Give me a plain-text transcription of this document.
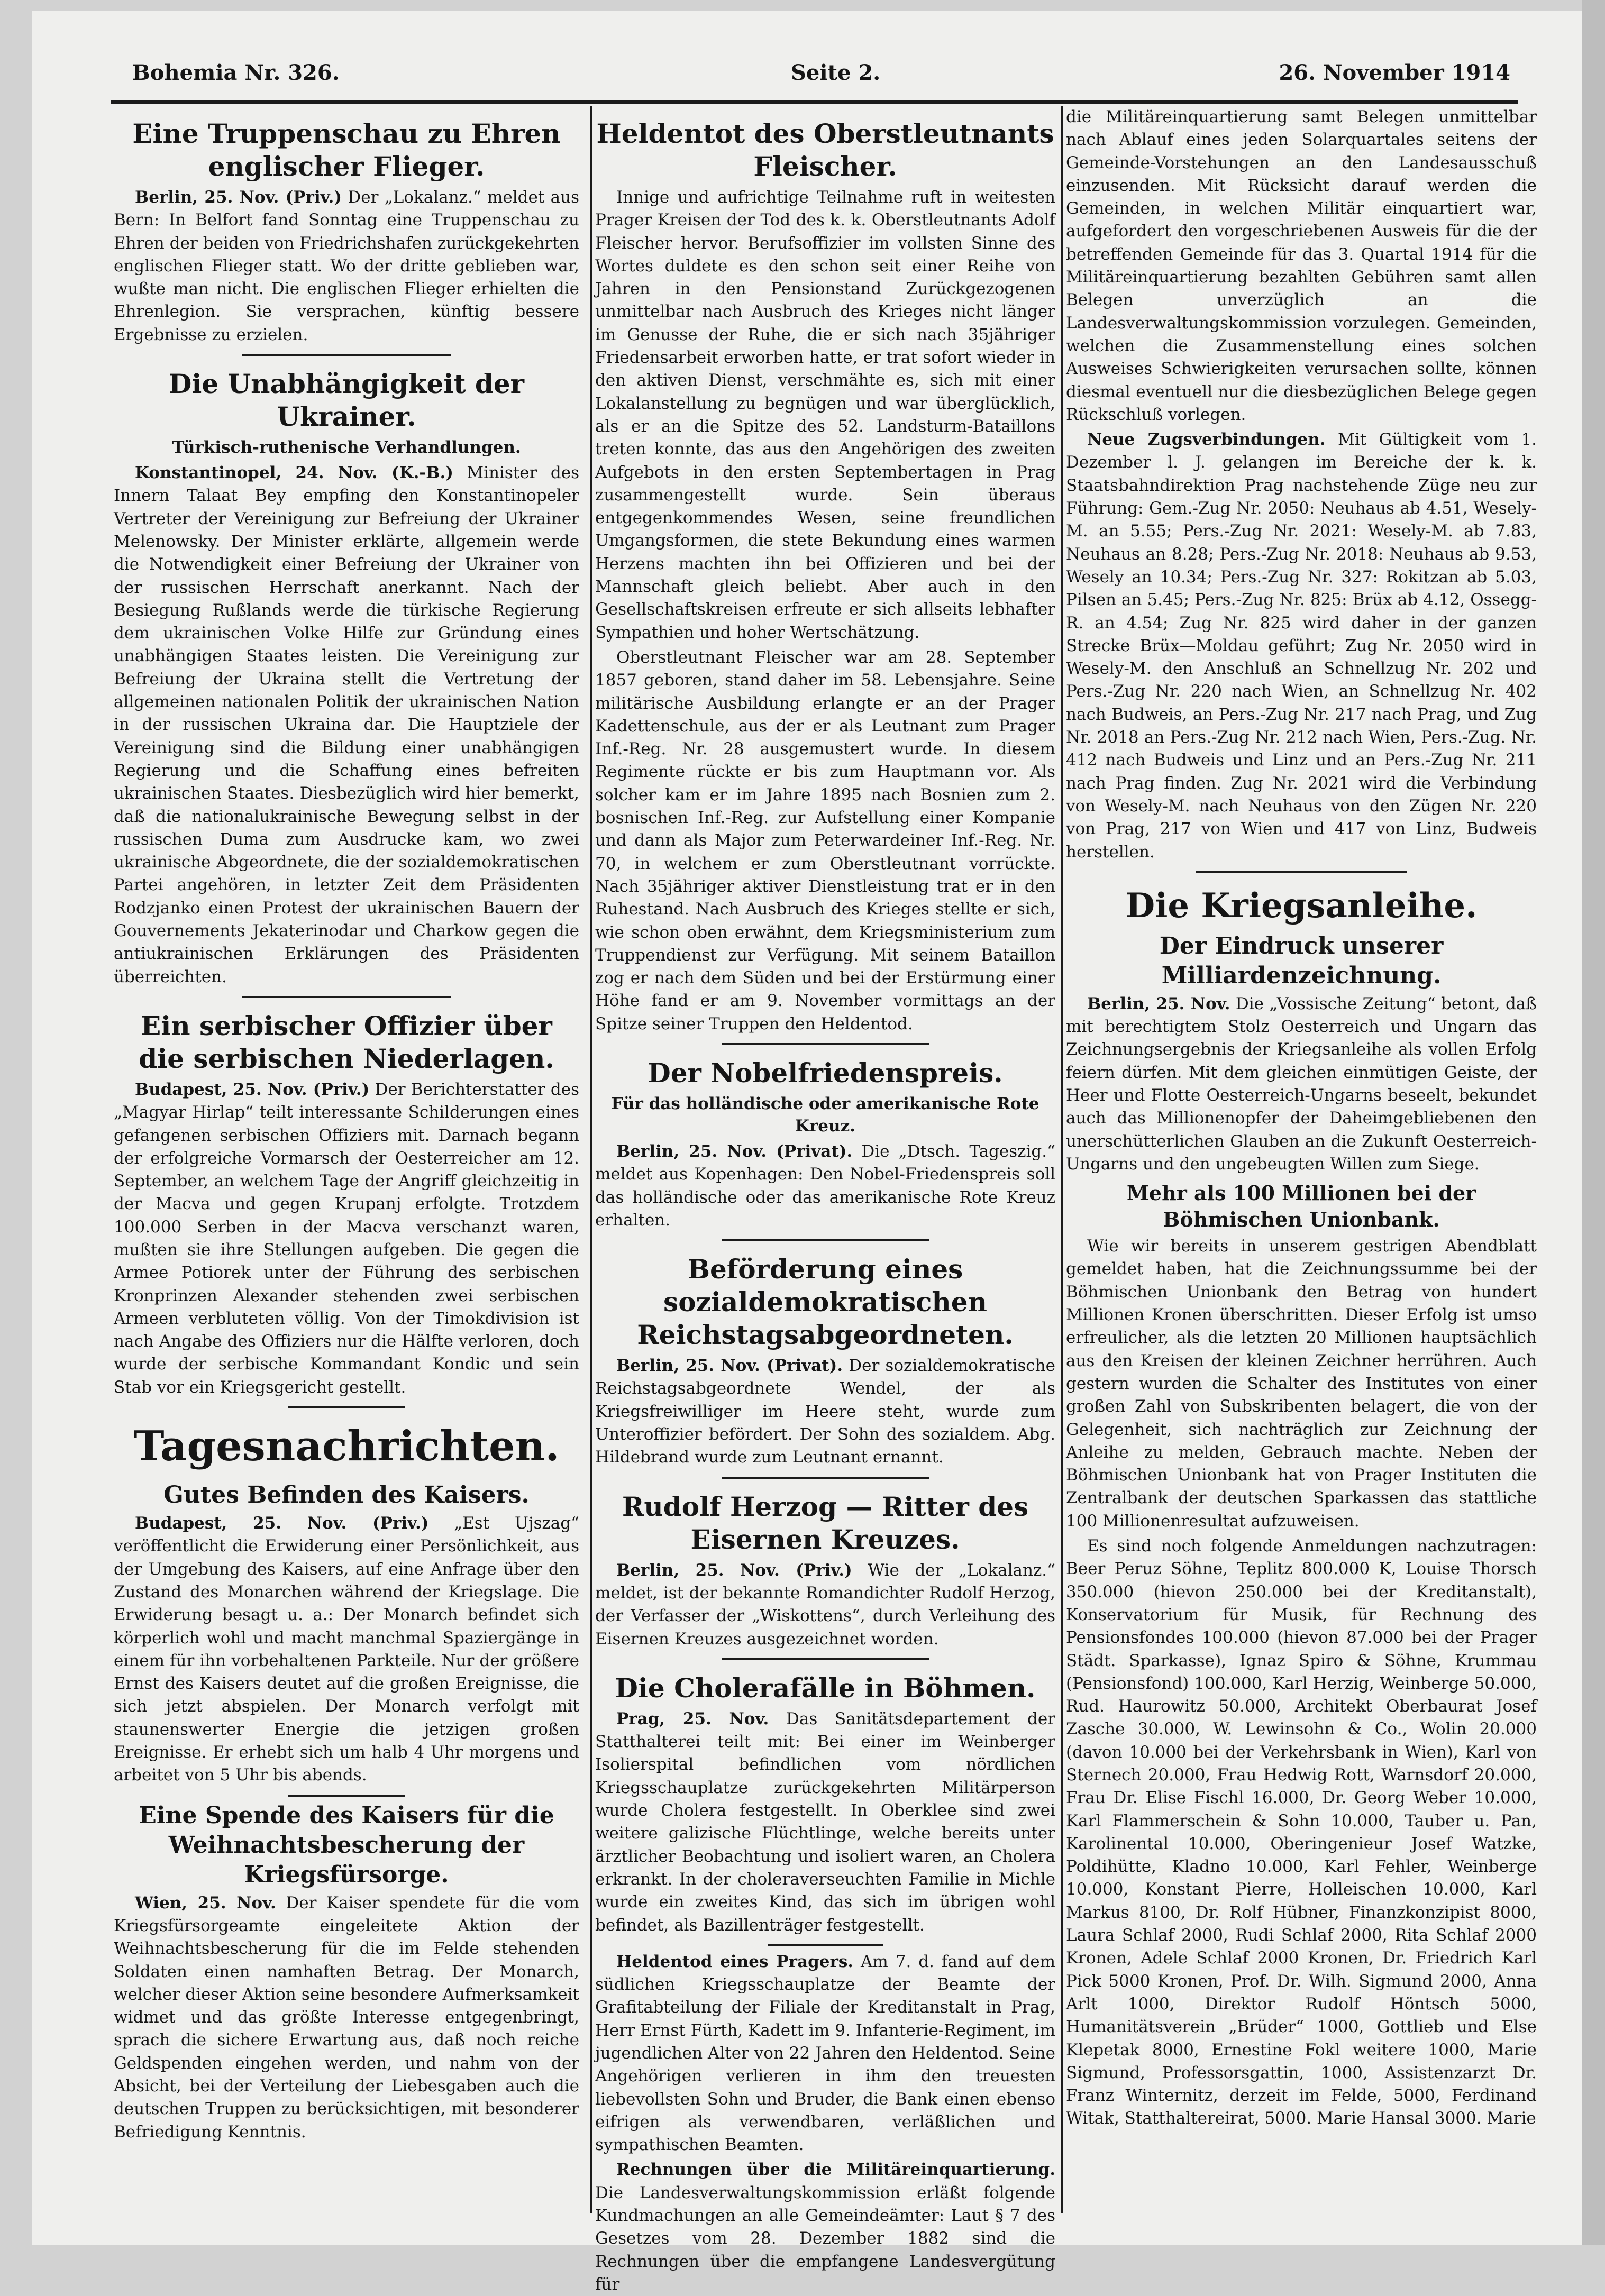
Bohemia Nr. 326.	Seite 2.	26. November 1914
Eine Truppenschau zu Ehren englischer Flieger.

Berlin, 25. Nov. (Priv.) Der „Lokalanz.“ meldet aus Bern: In Belfort fand Sonntag eine Truppenschau zu Ehren der beiden von Friedrichshafen zurückgekehrten englischen Flieger statt. Wo der dritte geblieben war, wußte man nicht. Die englischen Flieger erhielten die Ehrenlegion. Sie versprachen, künftig bessere Ergebnisse zu erzielen.

Die Unabhängigkeit der Ukrainer.
Türkisch-ruthenische Verhandlungen.

Konstantinopel, 24. Nov. (K.-B.) Minister des Innern Talaat Bey empfing den Konstantinopeler Vertreter der Vereinigung zur Befreiung der Ukrainer Melenowsky. Der Minister erklärte, allgemein werde die Notwendigkeit einer Befreiung der Ukrainer von der russischen Herrschaft anerkannt. Nach der Besiegung Rußlands werde die türkische Regierung dem ukrainischen Volke Hilfe zur Gründung eines unabhängigen Staates leisten. Die Vereinigung zur Befreiung der Ukraina stellt die Vertretung der allgemeinen nationalen Politik der ukrainischen Nation in der russischen Ukraina dar. Die Hauptziele der Vereinigung sind die Bildung einer unabhängigen Regierung und die Schaffung eines befreiten ukrainischen Staates. Diesbezüglich wird hier bemerkt, daß die nationalukrainische Bewegung selbst in der russischen Duma zum Ausdrucke kam, wo zwei ukrainische Abgeordnete, die der sozialdemokratischen Partei angehören, in letzter Zeit dem Präsidenten Rodzjanko einen Protest der ukrainischen Bauern der Gouvernements Jekaterinodar und Charkow gegen die antiukrainischen Erklärungen des Präsidenten überreichten.

Ein serbischer Offizier über die serbischen Niederlagen.

Budapest, 25. Nov. (Priv.) Der Berichterstatter des „Magyar Hirlap“ teilt interessante Schilderungen eines gefangenen serbischen Offiziers mit. Darnach begann der erfolgreiche Vormarsch der Oesterreicher am 12. September, an welchem Tage der Angriff gleichzeitig in der Macva und gegen Krupanj erfolgte. Trotzdem 100.000 Serben in der Macva verschanzt waren, mußten sie ihre Stellungen aufgeben. Die gegen die Armee Potiorek unter der Führung des serbischen Kronprinzen Alexander stehenden zwei serbischen Armeen verbluteten völlig. Von der Timokdivision ist nach Angabe des Offiziers nur die Hälfte verloren, doch wurde der serbische Kommandant Kondic und sein Stab vor ein Kriegsgericht gestellt.

Tagesnachrichten.
Gutes Befinden des Kaisers.

Budapest, 25. Nov. (Priv.) „Est Ujszag“ veröffentlicht die Erwiderung einer Persönlichkeit, aus der Umgebung des Kaisers, auf eine Anfrage über den Zustand des Monarchen während der Kriegslage. Die Erwiderung besagt u. a.: Der Monarch befindet sich körperlich wohl und macht manchmal Spaziergänge in einem für ihn vorbehaltenen Parkteile. Nur der größere Ernst des Kaisers deutet auf die großen Ereignisse, die sich jetzt abspielen. Der Monarch verfolgt mit staunenswerter Energie die jetzigen großen Ereignisse. Er erhebt sich um halb 4 Uhr morgens und arbeitet von 5 Uhr bis abends.

Eine Spende des Kaisers für die Weihnachtsbescherung der Kriegsfürsorge.

Wien, 25. Nov. Der Kaiser spendete für die vom Kriegsfürsorgeamte eingeleitete Aktion der Weihnachtsbescherung für die im Felde stehenden Soldaten einen namhaften Betrag. Der Monarch, welcher dieser Aktion seine besondere Aufmerksamkeit widmet und das größte Interesse entgegenbringt, sprach die sichere Erwartung aus, daß noch reiche Geldspenden eingehen werden, und nahm von der Absicht, bei der Verteilung der Liebesgaben auch die deutschen Truppen zu berücksichtigen, mit besonderer Befriedigung Kenntnis.

Heldentot des Oberstleutnants Fleischer.

Innige und aufrichtige Teilnahme ruft in weitesten Prager Kreisen der Tod des k. k. Oberstleutnants Adolf Fleischer hervor. Berufsoffizier im vollsten Sinne des Wortes duldete es den schon seit einer Reihe von Jahren in den Pensionstand Zurückgezogenen unmittelbar nach Ausbruch des Krieges nicht länger im Genusse der Ruhe, die er sich nach 35jähriger Friedensarbeit erworben hatte, er trat sofort wieder in den aktiven Dienst, verschmähte es, sich mit einer Lokalanstellung zu begnügen und war überglücklich, als er an die Spitze des 52. Landsturm-Bataillons treten konnte, das aus den Angehörigen des zweiten Aufgebots in den ersten Septembertagen in Prag zusammengestellt wurde. Sein überaus entgegenkommendes Wesen, seine freundlichen Umgangsformen, die stete Bekundung eines warmen Herzens machten ihn bei Offizieren und bei der Mannschaft gleich beliebt. Aber auch in den Gesellschaftskreisen erfreute er sich allseits lebhafter Sympathien und hoher Wertschätzung.

Oberstleutnant Fleischer war am 28. September 1857 geboren, stand daher im 58. Lebensjahre. Seine militärische Ausbildung erlangte er an der Prager Kadettenschule, aus der er als Leutnant zum Prager Inf.-Reg. Nr. 28 ausgemustert wurde. In diesem Regimente rückte er bis zum Hauptmann vor. Als solcher kam er im Jahre 1895 nach Bosnien zum 2. bosnischen Inf.-Reg. zur Aufstellung einer Kompanie und dann als Major zum Peterwardeiner Inf.-Reg. Nr. 70, in welchem er zum Oberstleutnant vorrückte. Nach 35jähriger aktiver Dienstleistung trat er in den Ruhestand. Nach Ausbruch des Krieges stellte er sich, wie schon oben erwähnt, dem Kriegsministerium zum Truppendienst zur Verfügung. Mit seinem Bataillon zog er nach dem Süden und bei der Erstürmung einer Höhe fand er am 9. November vormittags an der Spitze seiner Truppen den Heldentod.

Der Nobelfriedenspreis.
Für das holländische oder amerikanische Rote Kreuz.

Berlin, 25. Nov. (Privat). Die „Dtsch. Tageszig.“ meldet aus Kopenhagen: Den Nobel-Friedenspreis soll das holländische oder das amerikanische Rote Kreuz erhalten.

Beförderung eines sozialdemokratischen Reichstagsabgeordneten.

Berlin, 25. Nov. (Privat). Der sozialdemokratische Reichstagsabgeordnete Wendel, der als Kriegsfreiwilliger im Heere steht, wurde zum Unteroffizier befördert. Der Sohn des sozialdem. Abg. Hildebrand wurde zum Leutnant ernannt.

Rudolf Herzog — Ritter des Eisernen Kreuzes.

Berlin, 25. Nov. (Priv.) Wie der „Lokalanz.“ meldet, ist der bekannte Romandichter Rudolf Herzog, der Verfasser der „Wiskottens“, durch Verleihung des Eisernen Kreuzes ausgezeichnet worden.

Die Cholerafälle in Böhmen.

Prag, 25. Nov. Das Sanitätsdepartement der Statthalterei teilt mit: Bei einer im Weinberger Isolierspital befindlichen vom nördlichen Kriegsschauplatze zurückgekehrten Militärperson wurde Cholera festgestellt. In Oberklee sind zwei weitere galizische Flüchtlinge, welche bereits unter ärztlicher Beobachtung und isoliert waren, an Cholera erkrankt. In der choleraverseuchten Familie in Michle wurde ein zweites Kind, das sich im übrigen wohl befindet, als Bazillenträger festgestellt.

Heldentod eines Pragers. Am 7. d. fand auf dem südlichen Kriegsschauplatze der Beamte der Grafitabteilung der Filiale der Kreditanstalt in Prag, Herr Ernst Fürth, Kadett im 9. Infanterie-Regiment, im jugendlichen Alter von 22 Jahren den Heldentod. Seine Angehörigen verlieren in ihm den treuesten liebevollsten Sohn und Bruder, die Bank einen ebenso eifrigen als verwendbaren, verläßlichen und sympathischen Beamten.

Rechnungen über die Militäreinquartierung. Die Landesverwaltungskommission erläßt folgende Kundmachungen an alle Gemeindeämter: Laut § 7 des Gesetzes vom 28. Dezember 1882 sind die Rechnungen über die empfangene Landesvergütung für

die Militäreinquartierung samt Belegen unmittelbar nach Ablauf eines jeden Solarquartales seitens der Gemeinde-Vorstehungen an den Landesausschuß einzusenden. Mit Rücksicht darauf werden die Gemeinden, in welchen Militär einquartiert war, aufgefordert den vorgeschriebenen Ausweis für die der betreffenden Gemeinde für das 3. Quartal 1914 für die Militäreinquartierung bezahlten Gebühren samt allen Belegen unverzüglich an die Landesverwaltungskommission vorzulegen. Gemeinden, welchen die Zusammenstellung eines solchen Ausweises Schwierigkeiten verursachen sollte, können diesmal eventuell nur die diesbezüglichen Belege gegen Rückschluß vorlegen.

Neue Zugsverbindungen. Mit Gültigkeit vom 1. Dezember l. J. gelangen im Bereiche der k. k. Staatsbahndirektion Prag nachstehende Züge neu zur Führung: Gem.-Zug Nr. 2050: Neuhaus ab 4.51, Wesely-M. an 5.55; Pers.-Zug Nr. 2021: Wesely-M. ab 7.83, Neuhaus an 8.28; Pers.-Zug Nr. 2018: Neuhaus ab 9.53, Wesely an 10.34; Pers.-Zug Nr. 327: Rokitzan ab 5.03, Pilsen an 5.45; Pers.-Zug Nr. 825: Brüx ab 4.12, Ossegg-R. an 4.54; Zug Nr. 825 wird daher in der ganzen Strecke Brüx—Moldau geführt; Zug Nr. 2050 wird in Wesely-M. den Anschluß an Schnellzug Nr. 202 und Pers.-Zug Nr. 220 nach Wien, an Schnellzug Nr. 402 nach Budweis, an Pers.-Zug Nr. 217 nach Prag, und Zug Nr. 2018 an Pers.-Zug Nr. 212 nach Wien, Pers.-Zug. Nr. 412 nach Budweis und Linz und an Pers.-Zug Nr. 211 nach Prag finden. Zug Nr. 2021 wird die Verbindung von Wesely-M. nach Neuhaus von den Zügen Nr. 220 von Prag, 217 von Wien und 417 von Linz, Budweis herstellen.

Die Kriegsanleihe.
Der Eindruck unserer Milliardenzeichnung.

Berlin, 25. Nov. Die „Vossische Zeitung“ betont, daß mit berechtigtem Stolz Oesterreich und Ungarn das Zeichnungsergebnis der Kriegsanleihe als vollen Erfolg feiern dürfen. Mit dem gleichen einmütigen Geiste, der Heer und Flotte Oesterreich-Ungarns beseelt, bekundet auch das Millionenopfer der Daheimgebliebenen den unerschütterlichen Glauben an die Zukunft Oesterreich-Ungarns und den ungebeugten Willen zum Siege.

Mehr als 100 Millionen bei der Böhmischen Unionbank.

Wie wir bereits in unserem gestrigen Abendblatt gemeldet haben, hat die Zeichnungssumme bei der Böhmischen Unionbank den Betrag von hundert Millionen Kronen überschritten. Dieser Erfolg ist umso erfreulicher, als die letzten 20 Millionen hauptsächlich aus den Kreisen der kleinen Zeichner herrühren. Auch gestern wurden die Schalter des Institutes von einer großen Zahl von Subskribenten belagert, die von der Gelegenheit, sich nachträglich zur Zeichnung der Anleihe zu melden, Gebrauch machte. Neben der Böhmischen Unionbank hat von Prager Instituten die Zentralbank der deutschen Sparkassen das stattliche 100 Millionenresultat aufzuweisen.

Es sind noch folgende Anmeldungen nachzutragen: Beer Peruz Söhne, Teplitz 800.000 K, Louise Thorsch 350.000 (hievon 250.000 bei der Kreditanstalt), Konservatorium für Musik, für Rechnung des Pensionsfondes 100.000 (hievon 87.000 bei der Prager Städt. Sparkasse), Ignaz Spiro & Söhne, Krummau (Pensionsfond) 100.000, Karl Herzig, Weinberge 50.000, Rud. Haurowitz 50.000, Architekt Oberbaurat Josef Zasche 30.000, W. Lewinsohn & Co., Wolin 20.000 (davon 10.000 bei der Verkehrsbank in Wien), Karl von Sternech 20.000, Frau Hedwig Rott, Warnsdorf 20.000, Frau Dr. Elise Fischl 16.000, Dr. Georg Weber 10.000, Karl Flammerschein & Sohn 10.000, Tauber u. Pan, Karolinental 10.000, Oberingenieur Josef Watzke, Poldihütte, Kladno 10.000, Karl Fehler, Weinberge 10.000, Konstant Pierre, Holleischen 10.000, Karl Markus 8100, Dr. Rolf Hübner, Finanzkonzipist 8000, Laura Schlaf 2000, Rudi Schlaf 2000, Rita Schlaf 2000 Kronen, Adele Schlaf 2000 Kronen, Dr. Friedrich Karl Pick 5000 Kronen, Prof. Dr. Wilh. Sigmund 2000, Anna Arlt 1000, Direktor Rudolf Höntsch 5000, Humanitätsverein „Brüder“ 1000, Gottlieb und Else Klepetak 8000, Ernestine Fokl weitere 1000, Marie Sigmund, Professorsgattin, 1000, Assistenzarzt Dr. Franz Winternitz, derzeit im Felde, 5000, Ferdinand Witak, Statthaltereirat, 5000. Marie Hansal 3000. Marie
